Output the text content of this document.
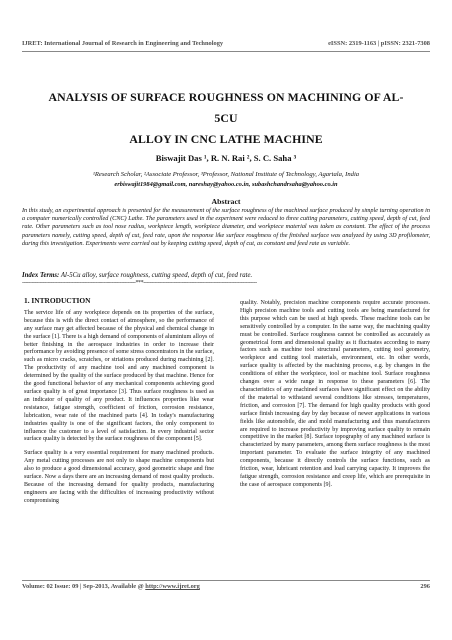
IJRET: International Journal of Research in Engineering and Technology	eISSN: 2319-1163 | pISSN: 2321-7308
ANALYSIS OF SURFACE ROUGHNESS ON MACHINING OF AL-5CU
ALLOY IN CNC LATHE MACHINE
Biswajit Das ¹, R. N. Rai ², S. C. Saha ³
¹Research Scholar, ²Associate Professor, ³Professor, National Institute of Technology, Agartala, India
erbiswajit1984@gmail.com, nareshay@yahoo.co.in, subashchandrsaha@yahoo.co.in
Abstract
In this study, an experimental approach is presented for the measurement of the surface roughness of the machined surface produced by simple turning operation in a computer numerically controlled (CNC) Lathe. The parameters used in the experiment were reduced to three cutting parameters, cutting speed, depth of cut, feed rate. Other parameters such as tool nose radius, workpiece length, workpiece diameter, and workpiece material was taken as constant. The effect of the process parameters namely, cutting speed, depth of cut, feed rate, upon the response like surface roughness of the finished surface was analyzed by using 3D profilometer, during this investigation. Experiments were carried out by keeping cutting speed, depth of cut, as constant and feed rate as variable.
Index Terms: Al-5Cu alloy, surface roughness, cutting speed, depth of cut, feed rate.
-----------------------------------------------------------------------***-----------------------------------------------------------------------
1. INTRODUCTION

The service life of any workpiece depends on its properties of the surface, because this is with the direct contact of atmosphere, so the performance of any surface may get affected because of the physical and chemical change in the surface [1]. There is a high demand of components of aluminium alloys of better finishing in the aerospace industries in order to increase their performance by avoiding presence of some stress concentrators in the surface, such as micro cracks, scratches, or striations produced during machining [2]. The productivity of any machine tool and any machined component is determined by the quality of the surface produced by that machine. Hence for the good functional behavior of any mechanical components achieving good surface quality is of great importance [3]. Thus surface roughness is used as an indicator of quality of any product. It influences properties like wear resistance, fatigue strength, coefficient of friction, corrosion resistance, lubrication, wear rate of the machined parts [4]. In today's manufacturing industries quality is one of the significant factors, the only component to influence the customer to a level of satisfaction. In every industrial sector surface quality is detected by the surface roughness of the component [5].

Surface quality is a very essential requirement for many machined products. Any metal cutting processes are not only to shape machine components but also to produce a good dimensional accuracy, good geometric shape and fine surface. Now a days there are an increasing demand of most quality products. Because of the increasing demand for quality products, manufacturing engineers are facing with the difficulties of increasing productivity without compromising

quality. Notably, precision machine components require accurate processes. High precision machine tools and cutting tools are being manufactured for this purpose which can be used at high speeds. These machine tools can be sensitively controlled by a computer. In the same way, the machining quality must be controlled. Surface roughness cannot be controlled as accurately as geometrical form and dimensional quality as it fluctuates according to many factors such as machine tool structural parameters, cutting tool geometry, workpiece and cutting tool materials, environment, etc. In other words, surface quality is affected by the machining process, e.g. by changes in the conditions of either the workpiece, tool or machine tool. Surface roughness changes over a wide range in response to these parameters [6]. The characteristics of any machined surfaces have significant effect on the ability of the material to withstand several conditions like stresses, temperatures, friction, and corrosion [7]. The demand for high quality products with good surface finish increasing day by day because of newer applications in various fields like automobile, die and mold manufacturing and thus manufacturers are required to increase productivity by improving surface quality to remain competitive in the market [8]. Surface topography of any machined surface is characterized by many parameters, among them surface roughness is the most important parameter. To evaluate the surface integrity of any machined components, because it directly controls the surface functions, such as friction, wear, lubricant retention and load carrying capacity. It improves the fatigue strength, corrosion resistance and creep life, which are prerequisite in the case of aerospace components [9].

Volume: 02 Issue: 09 | Sep-2013, Available @ http://www.ijret.org	296
